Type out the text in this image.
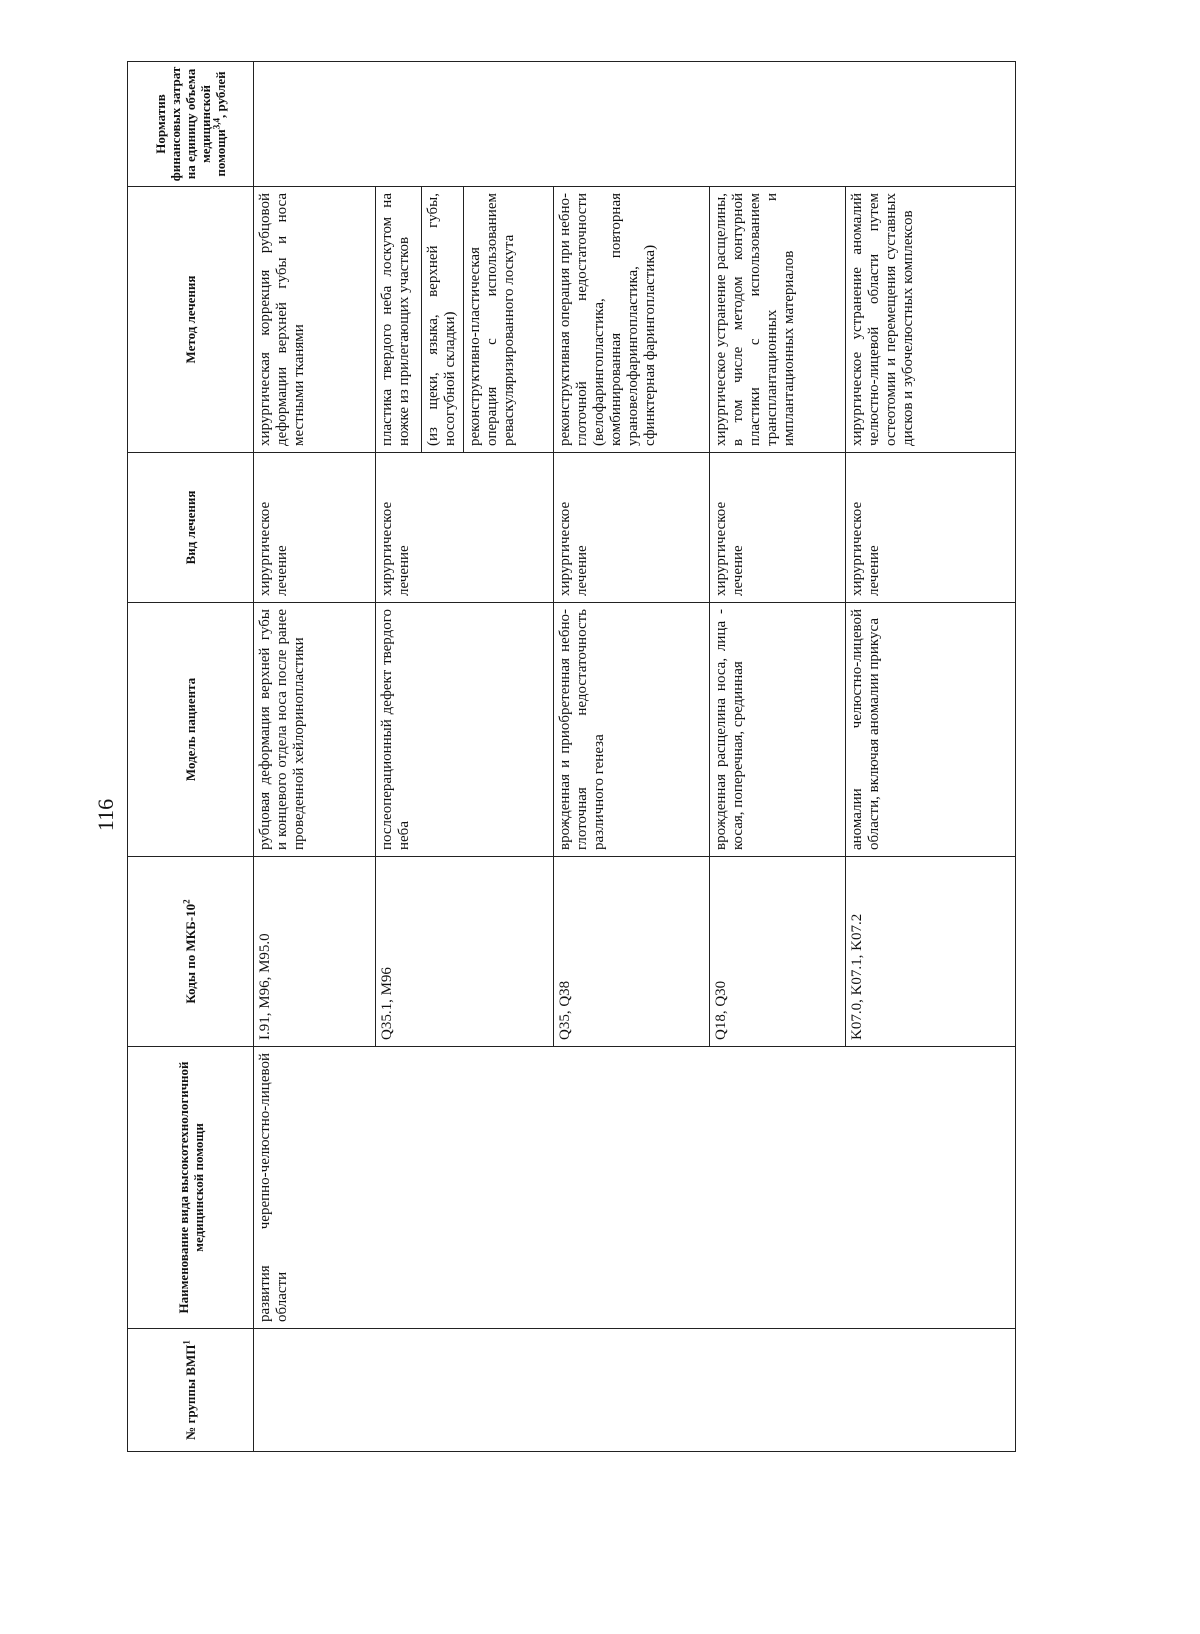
116
№ группы ВМП$^1$	Наименование вида высокотехнологичной медицинской помощи	Коды по МКБ-$10^2$	Модель пациента	Вид лечения	Метод лечения	Норматив финансовых затрат на единицу объема медицинской помощи$^{3,4}$, рублей
	развития черепно-челюстно-лицевой области	I.91, M96, M95.0	рубцовая деформация верхней губы и концевого отдела носа после ранее проведенной хейлоринопластики	хирургическое лечение	хирургическая коррекция рубцовой деформации верхней губы и носа местными тканями	
		Q35.1, M96	послеоперационный дефект твердого неба	хирургическое лечение	пластика твердого неба лоскутом на ножке из прилегающих участков	
					(из щеки, языка, верхней губы, носогубной складки)	
					реконструктивно-пластическая операция с использованием реваскуляризированного лоскута	
		Q35, Q38	врожденная и приобретенная небно-глоточная недостаточность различного генеза	хирургическое лечение	реконструктивная операция при небно-глоточной недостаточности (велофарингопластика, комбинированная повторная урановелофарингопластика, сфинктерная фарингопластика)	
		Q18, Q30	врожденная расщелина носа, лица - косая, поперечная, срединная	хирургическое лечение	хирургическое устранение расщелины, в том числе методом контурной пластики с использованием трансплантационных и имплантационных материалов	
		K07.0, K07.1, K07.2	аномалии челюстно-лицевой области, включая аномалии прикуса	хирургическое лечение	хирургическое устранение аномалий челюстно-лицевой области путем остеотомии и перемещения суставных дисков и зубочелюстных комплексов	
